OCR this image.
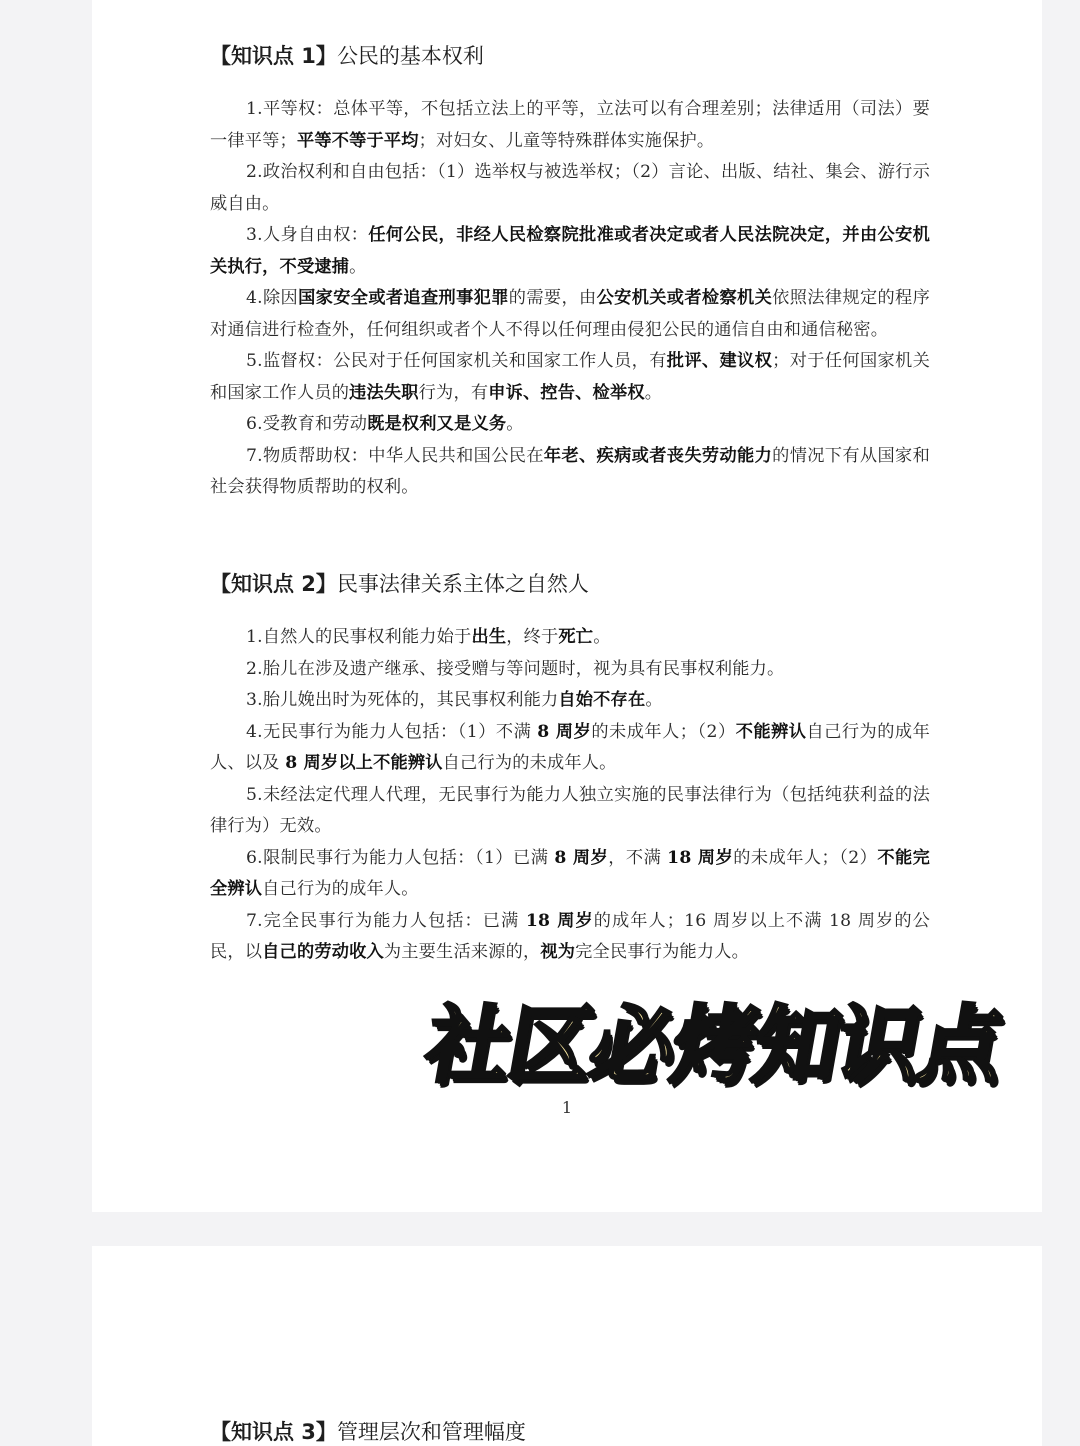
【知识点 1】公民的基本权利

1.平等权：总体平等，不包括立法上的平等，立法可以有合理差别；法律适用（司法）要一律平等；平等不等于平均；对妇女、儿童等特殊群体实施保护。

2.政治权利和自由包括：（1）选举权与被选举权；（2）言论、出版、结社、集会、游行示威自由。

3.人身自由权：任何公民，非经人民检察院批准或者决定或者人民法院决定，并由公安机关执行，不受逮捕。

4.除因国家安全或者追查刑事犯罪的需要，由公安机关或者检察机关依照法律规定的程序对通信进行检查外，任何组织或者个人不得以任何理由侵犯公民的通信自由和通信秘密。

5.监督权：公民对于任何国家机关和国家工作人员，有批评、建议权；对于任何国家机关和国家工作人员的违法失职行为，有申诉、控告、检举权。

6.受教育和劳动既是权利又是义务。

7.物质帮助权：中华人民共和国公民在年老、疾病或者丧失劳动能力的情况下有从国家和社会获得物质帮助的权利。

【知识点 2】民事法律关系主体之自然人

1.自然人的民事权利能力始于出生，终于死亡。

2.胎儿在涉及遗产继承、接受赠与等问题时，视为具有民事权利能力。

3.胎儿娩出时为死体的，其民事权利能力自始不存在。

4.无民事行为能力人包括：（1）不满 8 周岁的未成年人；（2）不能辨认自己行为的成年人、以及 8 周岁以上不能辨认自己行为的未成年人。

5.未经法定代理人代理，无民事行为能力人独立实施的民事法律行为（包括纯获利益的法律行为）无效。

6.限制民事行为能力人包括：（1）已满 8 周岁，不满 18 周岁的未成年人；（2）不能完全辨认自己行为的成年人。

7.完全民事行为能力人包括：已满 18 周岁的成年人；16 周岁以上不满 18 周岁的公民，以自己的劳动收入为主要生活来源的，视为完全民事行为能力人。

1
【知识点 3】管理层次和管理幅度
社区必烤知识点
